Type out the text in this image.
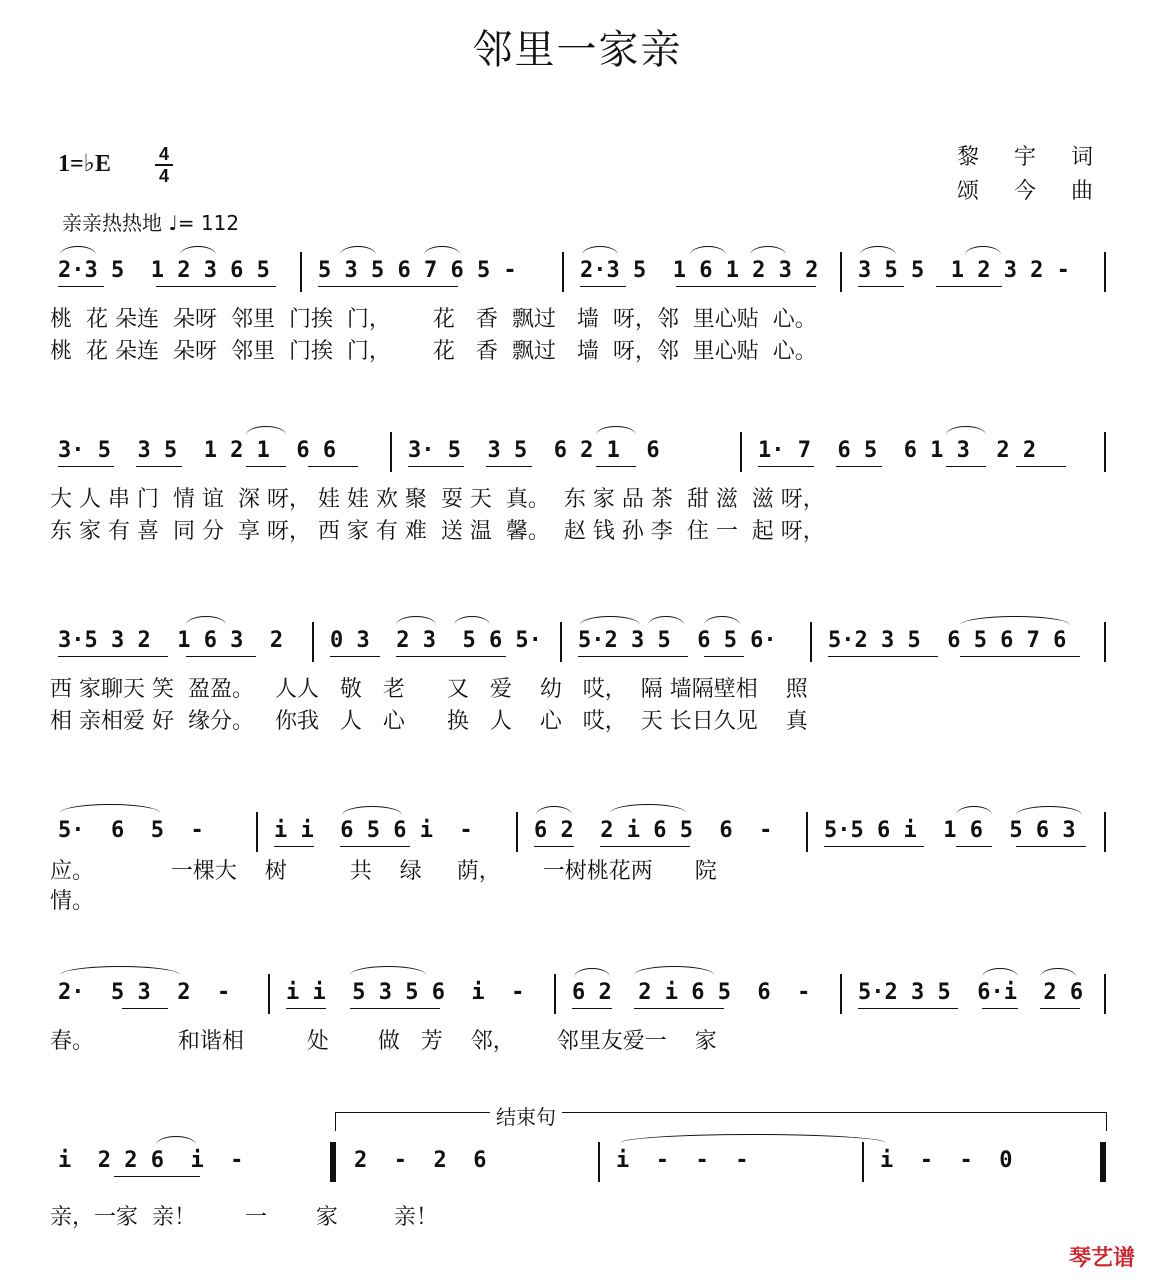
邻里一家亲
1=♭E	4
4
黎 宇 词
颂 今 曲
亲亲热热地 ♩= 112
2·3 5  1 2 3 6 5 5 3 5 6 7 6 5 -	2·3 5  1 6 1 2 3 2 3 5 5  1 2 3 2 -
桃  花 朵连  朵呀  邻里  门挨  门，      花   香  飘过   墙  呀，邻  里心贴  心。
桃  花 朵连  朵呀  邻里  门挨  门，      花   香  飘过   墙  呀，邻  里心贴  心。
3· 5  3 5  1 2 1  6 6	3· 5  3 5  6 2 1  6	1· 7  6 5  6 1 3  2 2
大 人 串 门  情 谊  深 呀， 娃 娃 欢 聚  耍 天  真。  东 家 品 茶  甜 滋  滋 呀，
东 家 有 喜  同 分  享 呀， 西 家 有 难  送 温  馨。  赵 钱 孙 李  住 一  起 呀，
3·5 3 2  1 6 3  2 0 3  2 3  5 6 5· 5·2 3 5  6 5 6· 5·2 3 5  6 5 6 7 6
西 家聊天 笑  盈盈。   人人   敬   老      又   爱    幼   哎，  隔 墙隔壁相    照
相 亲相爱 好  缘分。   你我   人   心      换   人    心   哎，  天 长日久见    真
5·  6  5  -	i i  6 5 6 i  -	6 2  2 i 6 5  6  - 5·5 6 i  1 6  5 6 3
应。           一棵大    树         共    绿     荫，      一树桃花两      院
情。
2·  5 3  2  -	i i  5 3 5 6  i  - 6 2  2 i 6 5  6  - 5·2 3 5  6·i  2 6
春。            和谐相         处       做   芳    邻，      邻里友爱一    家
结束句
i  2 2 6  i  -	2  -  2  6	i  -  -  -	i  -  -  0
亲，一家  亲！       一       家        亲！
琴艺谱
